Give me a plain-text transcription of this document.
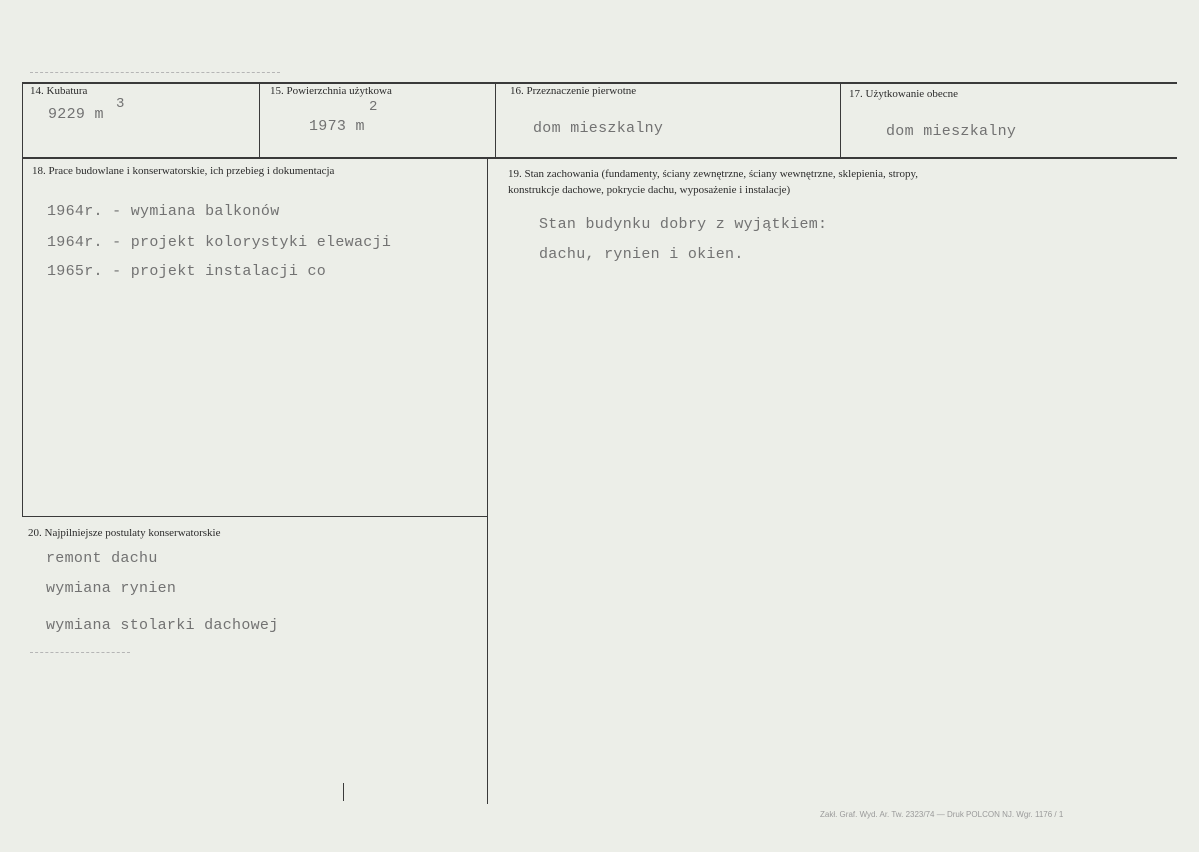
14. Kubatura
9229 m
3
15. Powierzchnia użytkowa
1973 m
2
16. Przeznaczenie pierwotne
dom mieszkalny
17. Użytkowanie obecne
dom mieszkalny
18. Prace budowlane i konserwatorskie, ich przebieg i dokumentacja
1964r. - wymiana balkonów
1964r. - projekt kolorystyki elewacji
1965r. - projekt instalacji co
19. Stan zachowania (fundamenty, ściany zewnętrzne, ściany wewnętrzne, sklepienia, stropy,
konstrukcje dachowe, pokrycie dachu, wyposażenie i instalacje)
Stan budynku dobry z wyjątkiem:
dachu, rynien i okien.
20. Najpilniejsze postulaty konserwatorskie
remont dachu
wymiana rynien
wymiana stolarki dachowej
Zakł. Graf. Wyd. Ar. Tw. 2323/74 — Druk POLCON NJ. Wgr. 1176 / 1
